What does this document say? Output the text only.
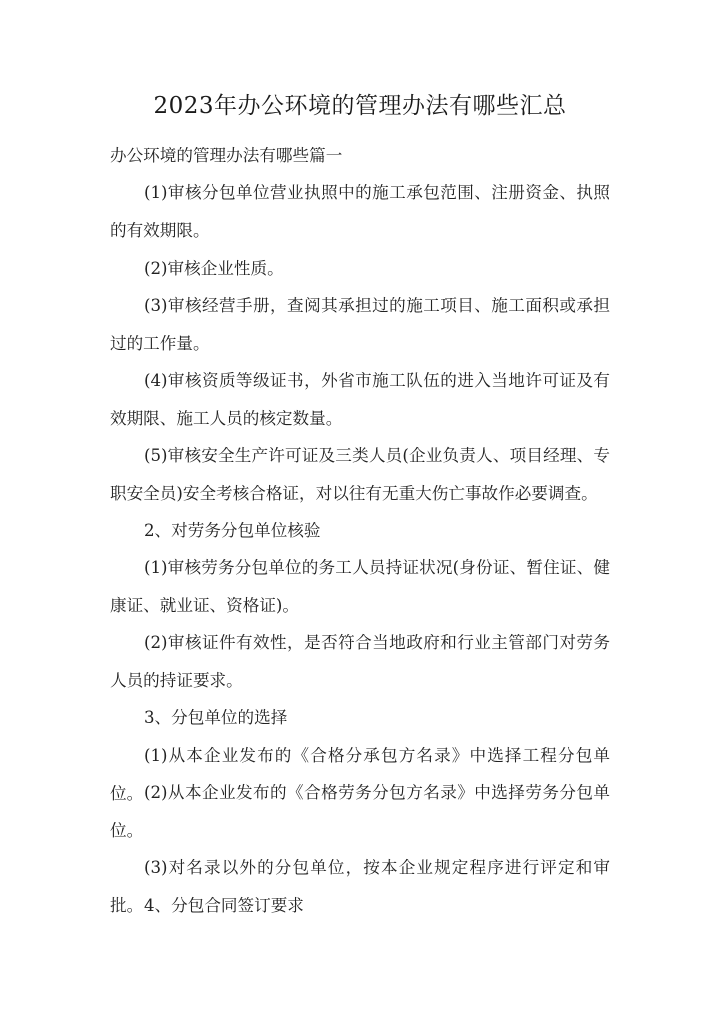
2023年办公环境的管理办法有哪些汇总

办公环境的管理办法有哪些篇一

(1)审核分包单位营业执照中的施工承包范围、注册资金、执照的有效期限。

(2)审核企业性质。

(3)审核经营手册，查阅其承担过的施工项目、施工面积或承担过的工作量。

(4)审核资质等级证书，外省市施工队伍的进入当地许可证及有效期限、施工人员的核定数量。

(5)审核安全生产许可证及三类人员(企业负责人、项目经理、专职安全员)安全考核合格证，对以往有无重大伤亡事故作必要调查。

2、对劳务分包单位核验

(1)审核劳务分包单位的务工人员持证状况(身份证、暂住证、健康证、就业证、资格证)。

(2)审核证件有效性，是否符合当地政府和行业主管部门对劳务人员的持证要求。

3、分包单位的选择

(1)从本企业发布的《合格分承包方名录》中选择工程分包单位。 (2)从本企业发布的《合格劳务分包方名录》中选择劳务分包单位。

(3)对名录以外的分包单位，按本企业规定程序进行评定和审批。 4、分包合同签订要求
